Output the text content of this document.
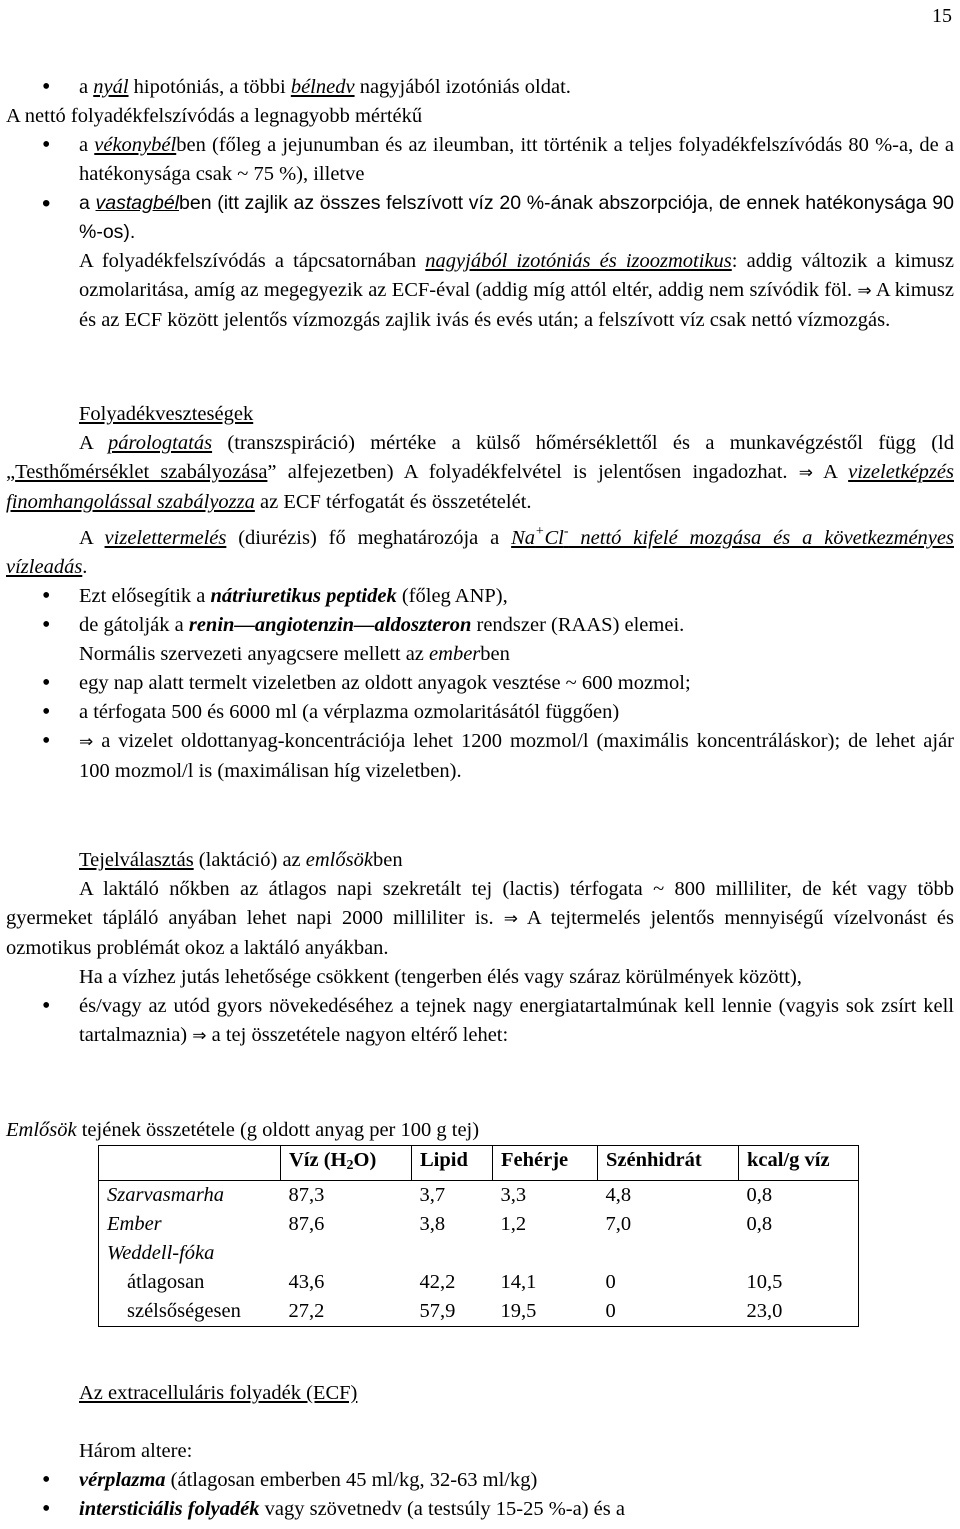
15
• a nyál hipotóniás, a többi bélnedv nagyjából izotóniás oldat.
A nettó folyadékfelszívódás a legnagyobb mértékű
• a vékonybélben (főleg a jejunumban és az ileumban, itt történik a teljes folyadékfelszívódás 80 %-a, de a hatékonysága csak ~ 75 %), illetve
• a vastagbélben (itt zajlik az összes felszívott víz 20 %-ának abszorpciója, de ennek hatékonysága 90 %-os).
A folyadékfelszívódás a tápcsatornában nagyjából izotóniás és izoozmotikus: addig változik a kimusz ozmolaritása, amíg az megegyezik az ECF-éval (addig míg attól eltér, addig nem szívódik föl. ⇒ A kimusz és az ECF között jelentős vízmozgás zajlik ivás és evés után; a felszívott víz csak nettó vízmozgás.
Folyadékveszteségek
A párologtatás (transzspiráció) mértéke a külső hőmérséklettől és a munkavégzéstől függ (ld „Testhőmérséklet szabályozása” alfejezetben) A folyadékfelvétel is jelentősen ingadozhat. ⇒ A vizeletképzés finomhangolással szabályozza az ECF térfogatát és összetételét.
A vizelettermelés (diurézis) fő meghatározója a Na+Cl- nettó kifelé mozgása és a következményes vízleadás.
• Ezt elősegítik a nátriuretikus peptidek (főleg ANP),
• de gátolják a renin—angiotenzin—aldoszteron rendszer (RAAS) elemei.
Normális szervezeti anyagcsere mellett az emberben
• egy nap alatt termelt vizeletben az oldott anyagok vesztése ~ 600 mozmol;
• a térfogata 500 és 6000 ml (a vérplazma ozmolaritásától függően)
• ⇒ a vizelet oldottanyag-koncentrációja lehet 1200 mozmol/l (maximális koncentráláskor); de lehet ajár 100 mozmol/l is (maximálisan híg vizeletben).
Tejelválasztás (laktáció) az emlősökben
A laktáló nőkben az átlagos napi szekretált tej (lactis) térfogata ~ 800 milliliter, de két vagy több gyermeket tápláló anyában lehet napi 2000 milliliter is. ⇒ A tejtermelés jelentős mennyiségű vízelvonást és ozmotikus problémát okoz a laktáló anyákban.
Ha a vízhez jutás lehetősége csökkent (tengerben élés vagy száraz körülmények között),
• és/vagy az utód gyors növekedéséhez a tejnek nagy energiatartalmúnak kell lennie (vagyis sok zsírt kell tartalmaznia) ⇒ a tej összetétele nagyon eltérő lehet:
Emlősök tejének összetétele (g oldott anyag per 100 g tej)
	Víz $(H_2O)$	Lipid	Fehérje	Szénhidrát	kcal/g víz
Szarvasmarha	87,3	3,7	3,3	4,8	0,8
Ember	87,6	3,8	1,2	7,0	0,8
Weddell-fóka					
átlagosan	43,6	42,2	14,1	0	10,5
szélsőségesen	27,2	57,9	19,5	0	23,0
Az extracelluláris folyadék (ECF)
Három altere:
• vérplazma (átlagosan emberben 45 ml/kg, 32-63 ml/kg)
• intersticiális folyadék vagy szövetnedv (a testsúly 15-25 %-a) és a
